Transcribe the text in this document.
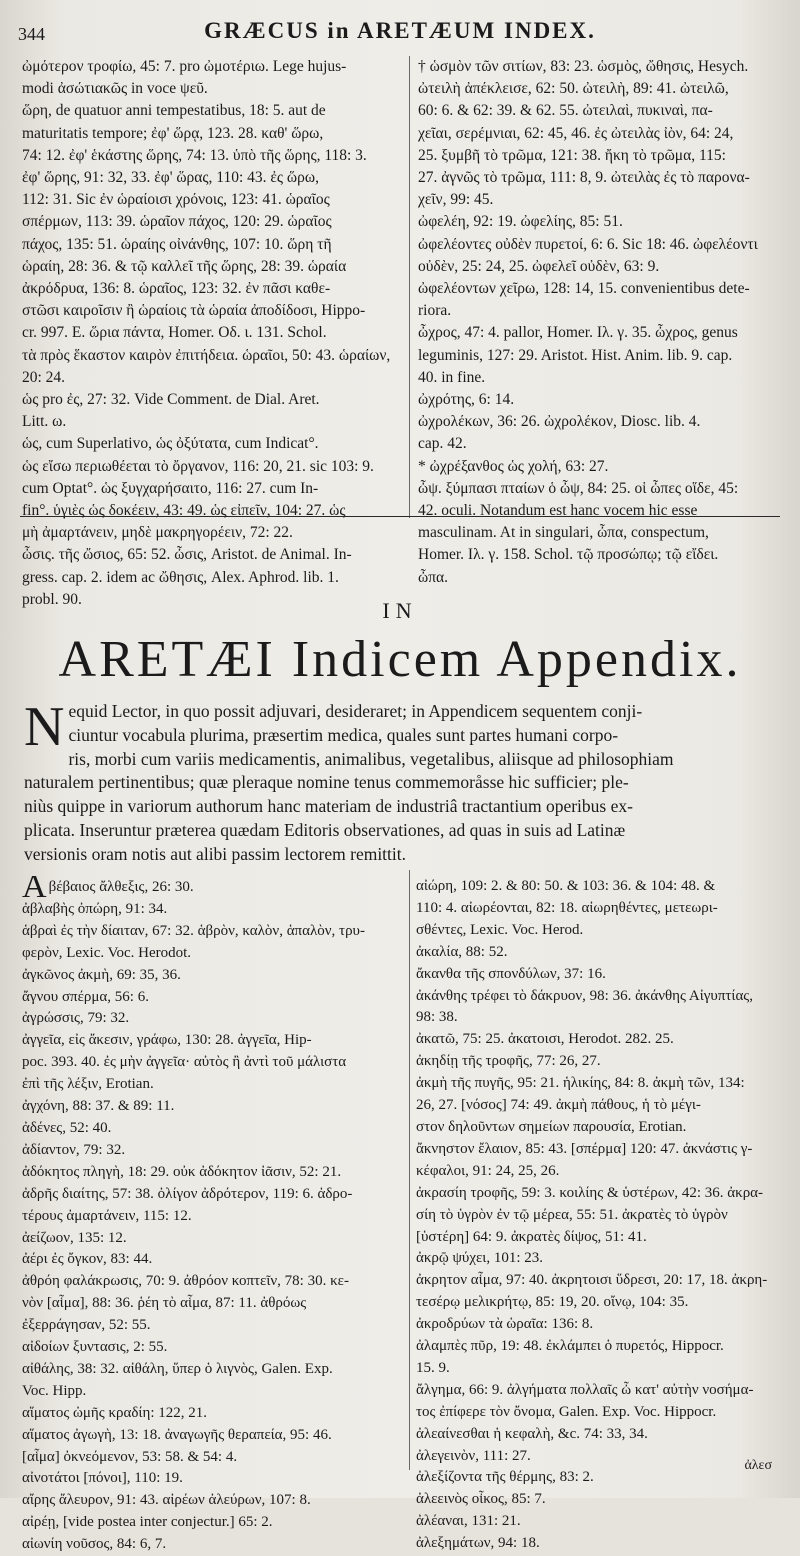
344	GRÆCUS in ARETÆUM INDEX.
ὠμότερον τροφίω, 45: 7. pro ὠμοτέριω. Lege hujus-
modi ἀσώτιακῶς in voce ψεῦ.
ὥρη, de quatuor anni tempestatibus, 18: 5. aut de
maturitatis tempore; ἐφ' ὥρᾳ, 123. 28. καθ' ὥρω,
74: 12. ἐφ' ἑκάστης ὥρης, 74: 13. ὑπὸ τῆς ὥρης, 118: 3.
ἐφ' ὥρης, 91: 32, 33. ἐφ' ὥρας, 110: 43. ἐς ὥρω,
112: 31. Sic ἐν ὡραίοισι χρόνοις, 123: 41. ὡραῖος
σπέρμων, 113: 39. ὡραῖον πάχος, 120: 29. ὡραῖος
πάχος, 135: 51. ὡραίης οἰνάνθης, 107: 10. ὥρη τῆ
ὡραίη, 28: 36. & τῷ καλλεῖ τῆς ὥρης, 28: 39. ὡραία
ἀκρόδρυα, 136: 8. ὡραῖος, 123: 32. ἐν πᾶσι καθε-
στῶσι καιροῖσιν ἢ ὡραίοις τὰ ὡραία ἀποδίδοσι, Hippo-
cr. 997. E. ὥρια πάντα, Homer. Οδ. ι. 131. Schol.
τὰ πρὸς ἕκαστον καιρὸν ἐπιτήδεια. ὡραῖοι, 50: 43. ὡραίων,
20: 24.
ὡς pro ἐς, 27: 32. Vide Comment. de Dial. Aret.
Litt. ω.
ὡς, cum Superlativo, ὡς ὀξύτατα, cum Indicat°.
ὡς εἴσω περιωθέεται τὸ ὄργανον, 116: 20, 21. sic 103: 9.
cum Optat°. ὡς ξυγχαρήσαιτο, 116: 27. cum In-
fin°. ὑγιὲς ὡς δοκέειν, 43: 49. ὡς εἰπεῖν, 104: 27. ὡς
μὴ ἀμαρτάνειν, μηδὲ μακρηγορέειν, 72: 22.
ὦσις. τῆς ὤσιος, 65: 52. ὦσις, Aristot. de Animal. In-
gress. cap. 2. idem ac ὤθησις, Alex. Aphrod. lib. 1.
probl. 90.
† ὡσμὸν τῶν σιτίων, 83: 23. ὡσμὸς, ὤθησις, Hesych.
ὠτειλὴ ἀπέκλεισε, 62: 50. ὠτειλὴ, 89: 41. ὠτειλῶ,
60: 6. & 62: 39. & 62. 55. ὠτειλαὶ, πυκιναὶ, πα-
χεῖαι, σερέμνιαι, 62: 45, 46. ἐς ὠτειλὰς ἰὸν, 64: 24,
25. ξυμβῆ τὸ τρῶμα, 121: 38. ἤκη τὸ τρῶμα, 115:
27. ἀγνῶς τὸ τρῶμα, 111: 8, 9. ὠτειλὰς ἐς τὸ παρονα-
χεῖν, 99: 45.
ὠφελέη, 92: 19. ὠφελίης, 85: 51.
ὠφελέοντες οὐδὲν πυρετοί, 6: 6. Sic 18: 46. ὠφελέοντι
οὐδὲν, 25: 24, 25. ὠφελεῖ οὐδὲν, 63: 9.
ὠφελέοντων χεῖρω, 128: 14, 15. convenientibus dete-
riora.
ὦχρος, 47: 4. pallor, Homer. Ιλ. γ. 35. ὦχρος, genus
leguminis, 127: 29. Aristot. Hist. Anim. lib. 9. cap.
40. in fine.
ὠχρότης, 6: 14.
ὠχρολέκων, 36: 26. ὠχρολέκον, Diosc. lib. 4.
cap. 42.
* ὠχρέξανθος ὡς χολή, 63: 27.
ὦψ. ξύμπασι πταίων ὁ ὦψ, 84: 25. οἱ ὦπες οἵδε, 45:
42. oculi. Notandum est hanc vocem hic esse
masculinam. At in singulari, ὦπα, conspectum,
Homer. Ιλ. γ. 158. Schol. τῷ προσώπῳ; τῷ εἴδει.
ὦπα.
IN
ARETÆI Indicem Appendix.
N equid Lector, in quo possit adjuvari, desideraret; in Appendicem sequentem conji-
ciuntur vocabula plurima, præsertim medica, quales sunt partes humani corpo-
ris, morbi cum variis medicamentis, animalibus, vegetalibus, aliisque ad philosophiam
naturalem pertinentibus; quæ pleraque nomine tenus commemoråsse hic sufficier; ple-
niùs quippe in variorum authorum hanc materiam de industriâ tractantium operibus ex-
plicata. Inseruntur præterea quædam Editoris observationes, ad quas in suis ad Latinæ
versionis oram notis aut alibi passim lectorem remittit.
Aβέβαιος ἄλθεξις, 26: 30.
ἀβλαβὴς ὀπώρη, 91: 34.
ἁβραὶ ἐς τὴν δίαιταν, 67: 32. ἁβρὸν, καλὸν, ἁπαλὸν, τρυ-
φερὸν, Lexic. Voc. Herodot.
ἀγκῶνος ἀκμὴ, 69: 35, 36.
ἄγνου σπέρμα, 56: 6.
ἀγρώσσις, 79: 32.
ἀγγεῖα, εἰς ἄκεσιν, γράφω, 130: 28. ἀγγεῖα, Hip-
poc. 393. 40. ἐς μὴν ἀγγεῖα· αὐτὸς ἢ ἀντὶ τοῦ μάλιστα
ἐπὶ τῆς λέξιν, Erotian.
ἀγχόνη, 88: 37. & 89: 11.
ἀδένες, 52: 40.
ἀδίαντον, 79: 32.
ἀδόκητος πληγὴ, 18: 29. οὐκ ἀδόκητον ἰᾶσιν, 52: 21.
ἀδρῆς διαίτης, 57: 38. ὀλίγον ἀδρότερον, 119: 6. ἀδρο-
τέρους ἀμαρτάνειν, 115: 12.
ἀείζωον, 135: 12.
ἀέρι ἐς ὄγκον, 83: 44.
ἀθρόη φαλάκρωσις, 70: 9. ἀθρόον κοπτεῖν, 78: 30. κε-
νὸν [αἷμα], 88: 36. ῥέη τὸ αἷμα, 87: 11. ἀθρόως
ἐξερράγησαν, 52: 55.
αἰδοίων ξυντασις, 2: 55.
αἰθάλης, 38: 32. αἰθάλη, ὕπερ ὁ λιγνὸς, Galen. Exp.
Voc. Hipp.
αἵματος ὠμῆς κραδίη: 122, 21.
αἵματος ἀγωγὴ, 13: 18. ἀναγωγῆς θεραπεία, 95: 46.
[αἷμα] ὀκνεόμενον, 53: 58. & 54: 4.
αἰνοτάτοι [πόνοι], 110: 19.
αἴρης ἄλευρον, 91: 43. αἰρέων ἀλεύρων, 107: 8.
αἰρέῃ, [vide postea inter conjectur.] 65: 2.
αἰωνίη νοῦσος, 84: 6, 7.
αἰώρη, 109: 2. & 80: 50. & 103: 36. & 104: 48. &
110: 4. αἰωρέονται, 82: 18. αἰωρηθέντες, μετεωρι-
σθέντες, Lexic. Voc. Herod.
ἀκαλία, 88: 52.
ἄκανθα τῆς σπονδύλων, 37: 16.
ἀκάνθης τρέφει τὸ δάκρυον, 98: 36. ἀκάνθης Αἰγυπτίας,
98: 38.
ἀκατῶ, 75: 25. ἀκατοισι, Herodot. 282. 25.
ἀκηδίῃ τῆς τροφῆς, 77: 26, 27.
ἀκμὴ τῆς πυγῆς, 95: 21. ἡλικίης, 84: 8. ἀκμὴ τῶν, 134:
26, 27. [νόσος] 74: 49. ἀκμὴ πάθους, ἡ τὸ μέγι-
στον δηλοῦντων σημείων παρουσία, Erotian.
ἄκνηστον ἔλαιον, 85: 43. [σπέρμα] 120: 47. ἀκνάστις γ-
κέφαλοι, 91: 24, 25, 26.
ἀκρασίη τροφῆς, 59: 3. κοιλίης & ὑστέρων, 42: 36. ἀκρα-
σίη τὸ ὑγρὸν ἐν τῷ μέρεα, 55: 51. ἀκρατὲς τὸ ὑγρὸν
[ὑστέρη] 64: 9. ἀκρατὲς δίψος, 51: 41.
ἀκρῷ ψύχει, 101: 23.
ἀκρητον αἷμα, 97: 40. ἀκρητοισι ὕδρεσι, 20: 17, 18. ἀκρη-
τεσέρῳ μελικρήτῳ, 85: 19, 20. οἴνῳ, 104: 35.
ἀκροδρύων τὰ ὡραῖα: 136: 8.
ἀλαμπὲς πῦρ, 19: 48. ἐκλάμπει ὁ πυρετός, Hippocr.
15. 9.
ἄλγημα, 66: 9. ἀλγήματα πολλαῖς ὦ κατ' αὐτὴν νοσήμα-
τος ἐπίφερε τὸν ὄνομα, Galen. Exp. Voc. Hippocr.
ἀλεαίνεσθαι ἡ κεφαλὴ, &c. 74: 33, 34.
ἀλεγεινὸν, 111: 27.
ἀλεξίζοντα τῆς θέρμης, 83: 2.
ἀλεεινὸς οἶκος, 85: 7.
ἀλέαναι, 131: 21.
ἀλεξημάτων, 94: 18.
ἀλεσ
